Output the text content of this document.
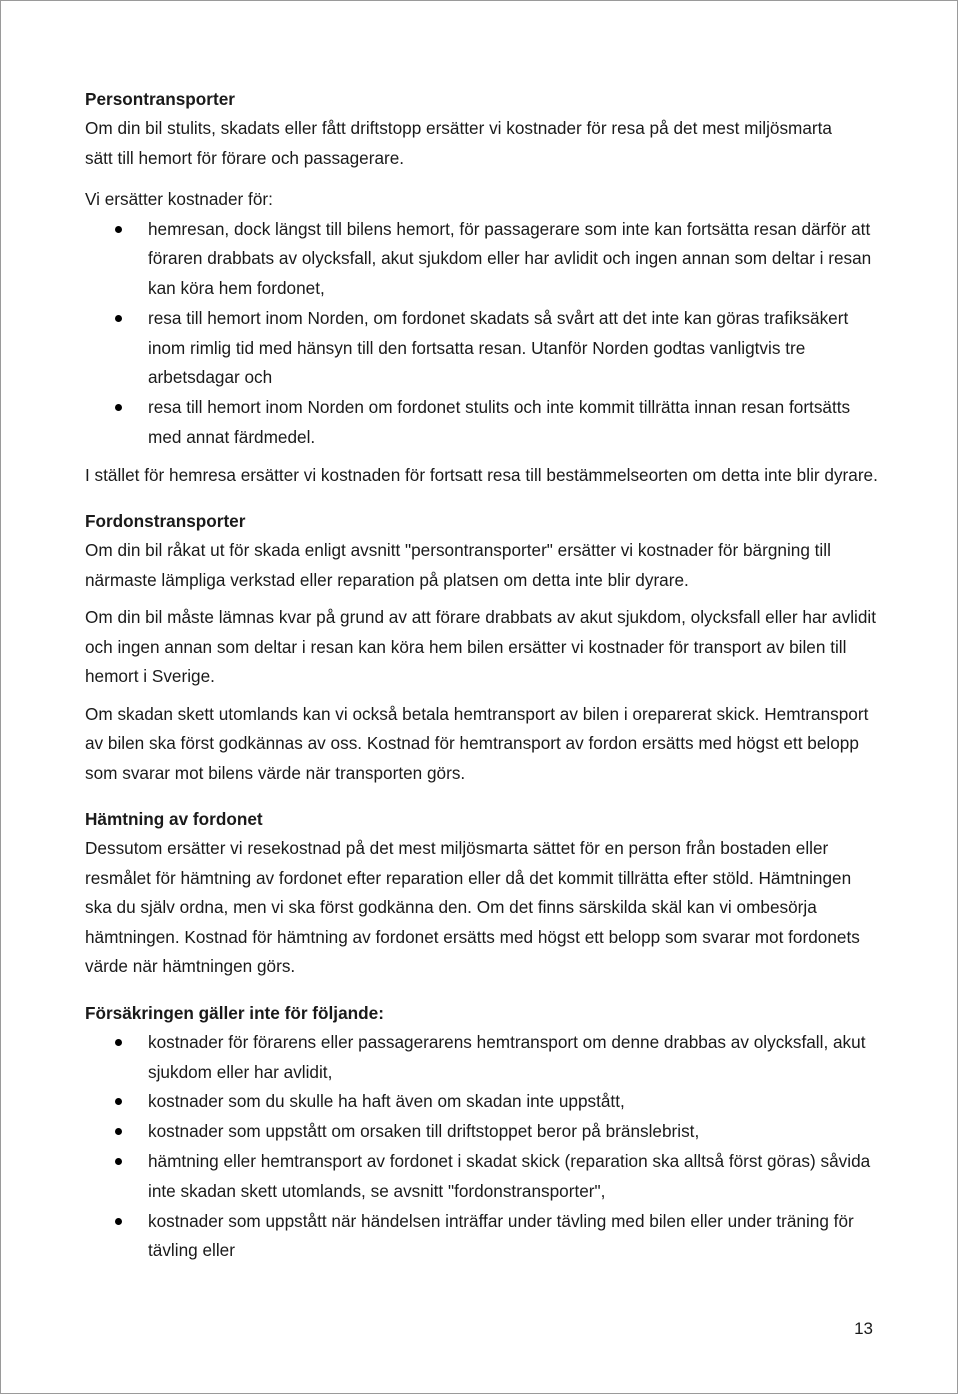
Persontransporter

Om din bil stulits, skadats eller fått driftstopp ersätter vi kostnader för resa på det mest miljösmarta sätt till hemort för förare och passagerare.

Vi ersätter kostnader för:

hemresan, dock längst till bilens hemort, för passagerare som inte kan fortsätta resan därför att föraren drabbats av olycksfall, akut sjukdom eller har avlidit och ingen annan som deltar i resan kan köra hem fordonet,
resa till hemort inom Norden, om fordonet skadats så svårt att det inte kan göras trafiksäkert inom rimlig tid med hänsyn till den fortsatta resan. Utanför Norden godtas vanligtvis tre arbetsdagar och
resa till hemort inom Norden om fordonet stulits och inte kommit tillrätta innan resan fortsätts med annat färdmedel.

I stället för hemresa ersätter vi kostnaden för fortsatt resa till bestämmelseorten om detta inte blir dyrare.

Fordonstransporter

Om din bil råkat ut för skada enligt avsnitt "persontransporter" ersätter vi kostnader för bärgning till närmaste lämpliga verkstad eller reparation på platsen om detta inte blir dyrare.

Om din bil måste lämnas kvar på grund av att förare drabbats av akut sjukdom, olycksfall eller har avlidit och ingen annan som deltar i resan kan köra hem bilen ersätter vi kostnader för transport av bilen till hemort i Sverige.

Om skadan skett utomlands kan vi också betala hemtransport av bilen i oreparerat skick. Hemtransport av bilen ska först godkännas av oss. Kostnad för hemtransport av fordon ersätts med högst ett belopp som svarar mot bilens värde när transporten görs.

Hämtning av fordonet

Dessutom ersätter vi resekostnad på det mest miljösmarta sättet för en person från bostaden eller resmålet för hämtning av fordonet efter reparation eller då det kommit tillrätta efter stöld. Hämtningen ska du själv ordna, men vi ska först godkänna den. Om det finns särskilda skäl kan vi ombesörja hämtningen. Kostnad för hämtning av fordonet ersätts med högst ett belopp som svarar mot fordonets värde när hämtningen görs.

Försäkringen gäller inte för följande:

kostnader för förarens eller passagerarens hemtransport om denne drabbas av olycksfall, akut sjukdom eller har avlidit,
kostnader som du skulle ha haft även om skadan inte uppstått,
kostnader som uppstått om orsaken till driftstoppet beror på bränslebrist,
hämtning eller hemtransport av fordonet i skadat skick (reparation ska alltså först göras) såvida inte skadan skett utomlands, se avsnitt "fordonstransporter",
kostnader som uppstått när händelsen inträffar under tävling med bilen eller under träning för tävling eller
13
